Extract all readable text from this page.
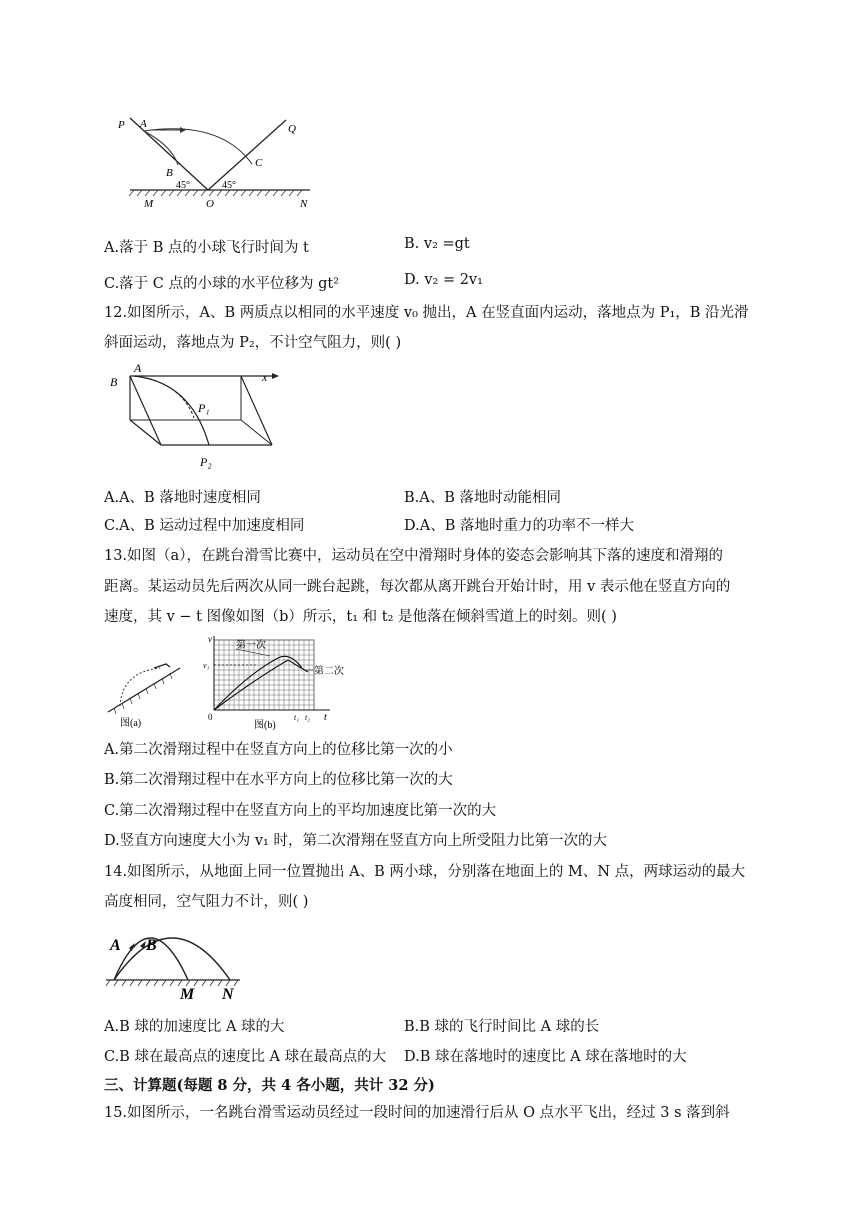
P A
B
C
Q
45°	45°
M	O	N
A.落于 B 点的小球飞行时间为 t	B. v₂ =gt
C.落于 C 点的小球的水平位移为 gt²	D. v₂ = 2v₁
12.如图所示，A、B 两质点以相同的水平速度 v₀ 抛出，A 在竖直面内运动，落地点为 P₁，B 沿光滑
斜面运动，落地点为 P₂，不计空气阻力，则( )
A
B	x
P₁
P₂
A.A、B 落地时速度相同	B.A、B 落地时动能相同
C.A、B 运动过程中加速度相同	D.A、B 落地时重力的功率不一样大
13.如图（a），在跳台滑雪比赛中，运动员在空中滑翔时身体的姿态会影响其下落的速度和滑翔的
距离。某运动员先后两次从同一跳台起跳，每次都从离开跳台开始计时，用 v 表示他在竖直方向的
速度，其 v − t 图像如图（b）所示，t₁ 和 t₂ 是他落在倾斜雪道上的时刻。则( )
图(a)
v
v₁
第一次
第二次
0	t₁ t₂ t
图(b)
A.第二次滑翔过程中在竖直方向上的位移比第一次的小
B.第二次滑翔过程中在水平方向上的位移比第一次的大
C.第二次滑翔过程中在竖直方向上的平均加速度比第一次的大
D.竖直方向速度大小为 v₁ 时，第二次滑翔在竖直方向上所受阻力比第一次的大
14.如图所示，从地面上同一位置抛出 A、B 两小球，分别落在地面上的 M、N 点，两球运动的最大
高度相同，空气阻力不计，则( )
A B
M N
A.B 球的加速度比 A 球的大	B.B 球的飞行时间比 A 球的长
C.B 球在最高点的速度比 A 球在最高点的大 D.B 球在落地时的速度比 A 球在落地时的大
三、计算题(每题 8 分，共 4 各小题，共计 32 分)
15.如图所示，一名跳台滑雪运动员经过一段时间的加速滑行后从 O 点水平飞出，经过 3 s 落到斜
